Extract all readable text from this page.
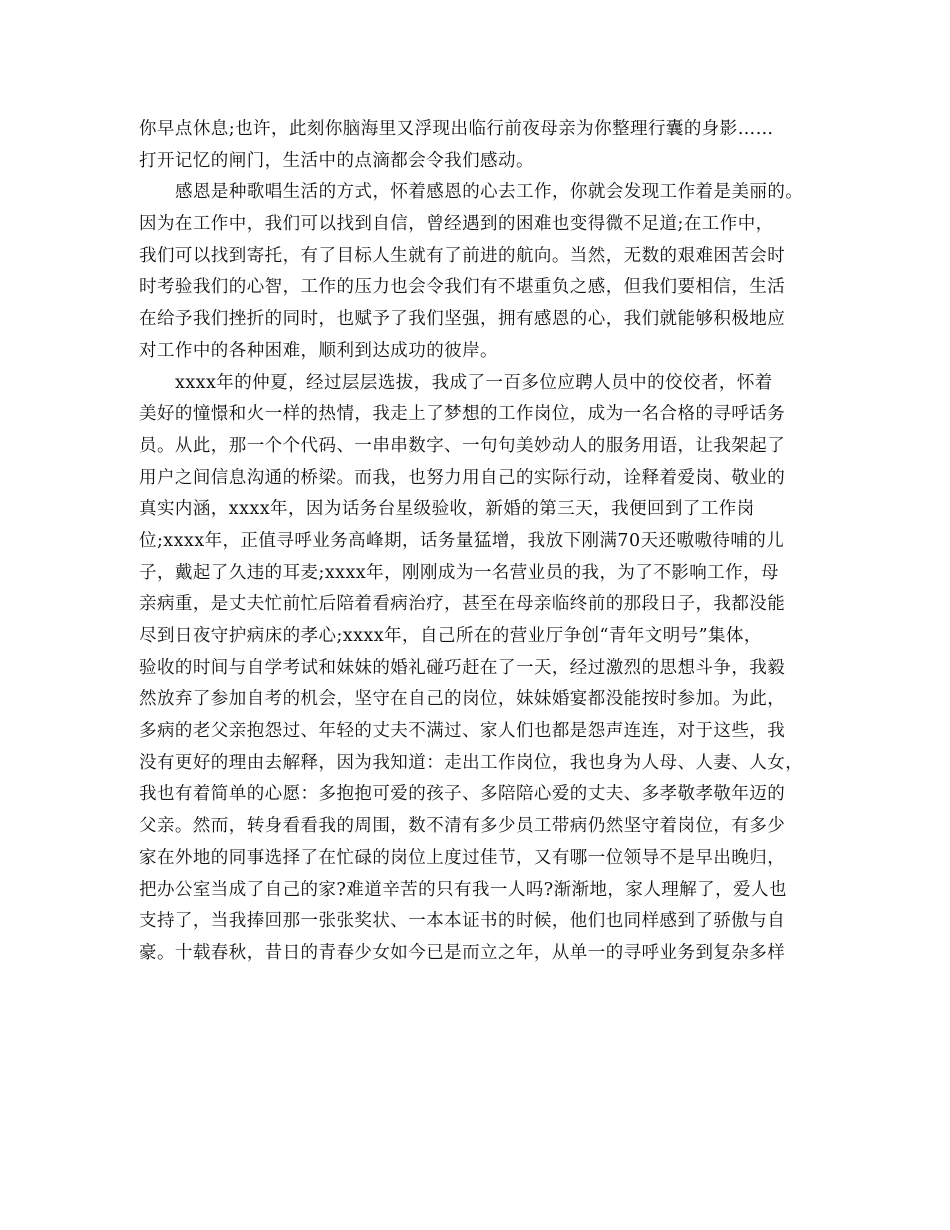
你早点休息;也许，此刻你脑海里又浮现出临行前夜母亲为你整理行囊的身影……
打开记忆的闸门，生活中的点滴都会令我们感动。
感恩是种歌唱生活的方式，怀着感恩的心去工作，你就会发现工作着是美丽的。
因为在工作中，我们可以找到自信，曾经遇到的困难也变得微不足道;在工作中，
我们可以找到寄托，有了目标人生就有了前进的航向。当然，无数的艰难困苦会时
时考验我们的心智，工作的压力也会令我们有不堪重负之感，但我们要相信，生活
在给予我们挫折的同时，也赋予了我们坚强，拥有感恩的心，我们就能够积极地应
对工作中的各种困难，顺利到达成功的彼岸。
xxxx年的仲夏，经过层层选拔，我成了一百多位应聘人员中的佼佼者，怀着
美好的憧憬和火一样的热情，我走上了梦想的工作岗位，成为一名合格的寻呼话务
员。从此，那一个个代码、一串串数字、一句句美妙动人的服务用语，让我架起了
用户之间信息沟通的桥梁。而我，也努力用自己的实际行动，诠释着爱岗、敬业的
真实内涵，xxxx年，因为话务台星级验收，新婚的第三天，我便回到了工作岗
位;xxxx年，正值寻呼业务高峰期，话务量猛增，我放下刚满70天还嗷嗷待哺的儿
子，戴起了久违的耳麦;xxxx年，刚刚成为一名营业员的我，为了不影响工作，母
亲病重，是丈夫忙前忙后陪着看病治疗，甚至在母亲临终前的那段日子，我都没能
尽到日夜守护病床的孝心;xxxx年，自己所在的营业厅争创“青年文明号”集体，
验收的时间与自学考试和妹妹的婚礼碰巧赶在了一天，经过激烈的思想斗争，我毅
然放弃了参加自考的机会，坚守在自己的岗位，妹妹婚宴都没能按时参加。为此，
多病的老父亲抱怨过、年轻的丈夫不满过、家人们也都是怨声连连，对于这些，我
没有更好的理由去解释，因为我知道：走出工作岗位，我也身为人母、人妻、人女，
我也有着简单的心愿：多抱抱可爱的孩子、多陪陪心爱的丈夫、多孝敬孝敬年迈的
父亲。然而，转身看看我的周围，数不清有多少员工带病仍然坚守着岗位，有多少
家在外地的同事选择了在忙碌的岗位上度过佳节，又有哪一位领导不是早出晚归，
把办公室当成了自己的家?难道辛苦的只有我一人吗?渐渐地，家人理解了，爱人也
支持了，当我捧回那一张张奖状、一本本证书的时候，他们也同样感到了骄傲与自
豪。十载春秋，昔日的青春少女如今已是而立之年，从单一的寻呼业务到复杂多样
